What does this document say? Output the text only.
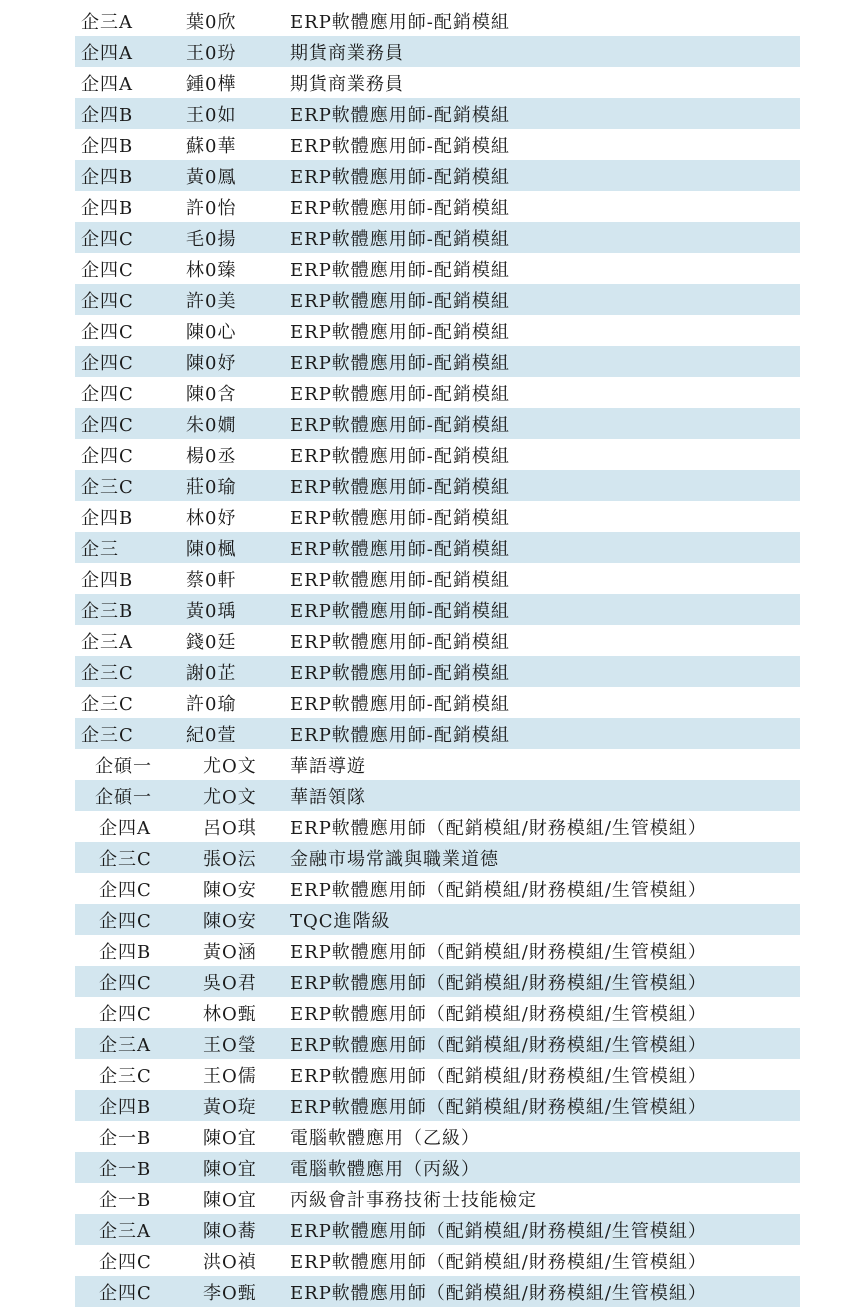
企三A	葉0欣	ERP軟體應用師-配銷模組
企四A	王0玢	期貨商業務員
企四A	鍾0樺	期貨商業務員
企四B	王0如	ERP軟體應用師-配銷模組
企四B	蘇0華	ERP軟體應用師-配銷模組
企四B	黃0鳳	ERP軟體應用師-配銷模組
企四B	許0怡	ERP軟體應用師-配銷模組
企四C	毛0揚	ERP軟體應用師-配銷模組
企四C	林0臻	ERP軟體應用師-配銷模組
企四C	許0美	ERP軟體應用師-配銷模組
企四C	陳0心	ERP軟體應用師-配銷模組
企四C	陳0妤	ERP軟體應用師-配銷模組
企四C	陳0含	ERP軟體應用師-配銷模組
企四C	朱0嫺	ERP軟體應用師-配銷模組
企四C	楊0丞	ERP軟體應用師-配銷模組
企三C	莊0瑜	ERP軟體應用師-配銷模組
企四B	林0妤	ERP軟體應用師-配銷模組
企三	陳0楓	ERP軟體應用師-配銷模組
企四B	蔡0軒	ERP軟體應用師-配銷模組
企三B	黃0瑀	ERP軟體應用師-配銷模組
企三A	錢0廷	ERP軟體應用師-配銷模組
企三C	謝0芷	ERP軟體應用師-配銷模組
企三C	許0瑜	ERP軟體應用師-配銷模組
企三C	紀0萱	ERP軟體應用師-配銷模組
企碩一	尤O文 華語導遊
企碩一	尤O文 華語領隊
企四A	呂O琪 ERP軟體應用師（配銷模組/財務模組/生管模組）
企三C	張O沄 金融市場常識與職業道德
企四C	陳O安 ERP軟體應用師（配銷模組/財務模組/生管模組）
企四C	陳O安 TQC進階級
企四B	黃O涵 ERP軟體應用師（配銷模組/財務模組/生管模組）
企四C	吳O君 ERP軟體應用師（配銷模組/財務模組/生管模組）
企四C	林O甄 ERP軟體應用師（配銷模組/財務模組/生管模組）
企三A	王O瑩 ERP軟體應用師（配銷模組/財務模組/生管模組）
企三C	王O儒 ERP軟體應用師（配銷模組/財務模組/生管模組）
企四B	黃O琁 ERP軟體應用師（配銷模組/財務模組/生管模組）
企一B	陳O宜 電腦軟體應用（乙級）
企一B	陳O宜 電腦軟體應用（丙級）
企一B	陳O宜 丙級會計事務技術士技能檢定
企三A	陳O蕎 ERP軟體應用師（配銷模組/財務模組/生管模組）
企四C	洪O禎 ERP軟體應用師（配銷模組/財務模組/生管模組）
企四C	李O甄 ERP軟體應用師（配銷模組/財務模組/生管模組）
